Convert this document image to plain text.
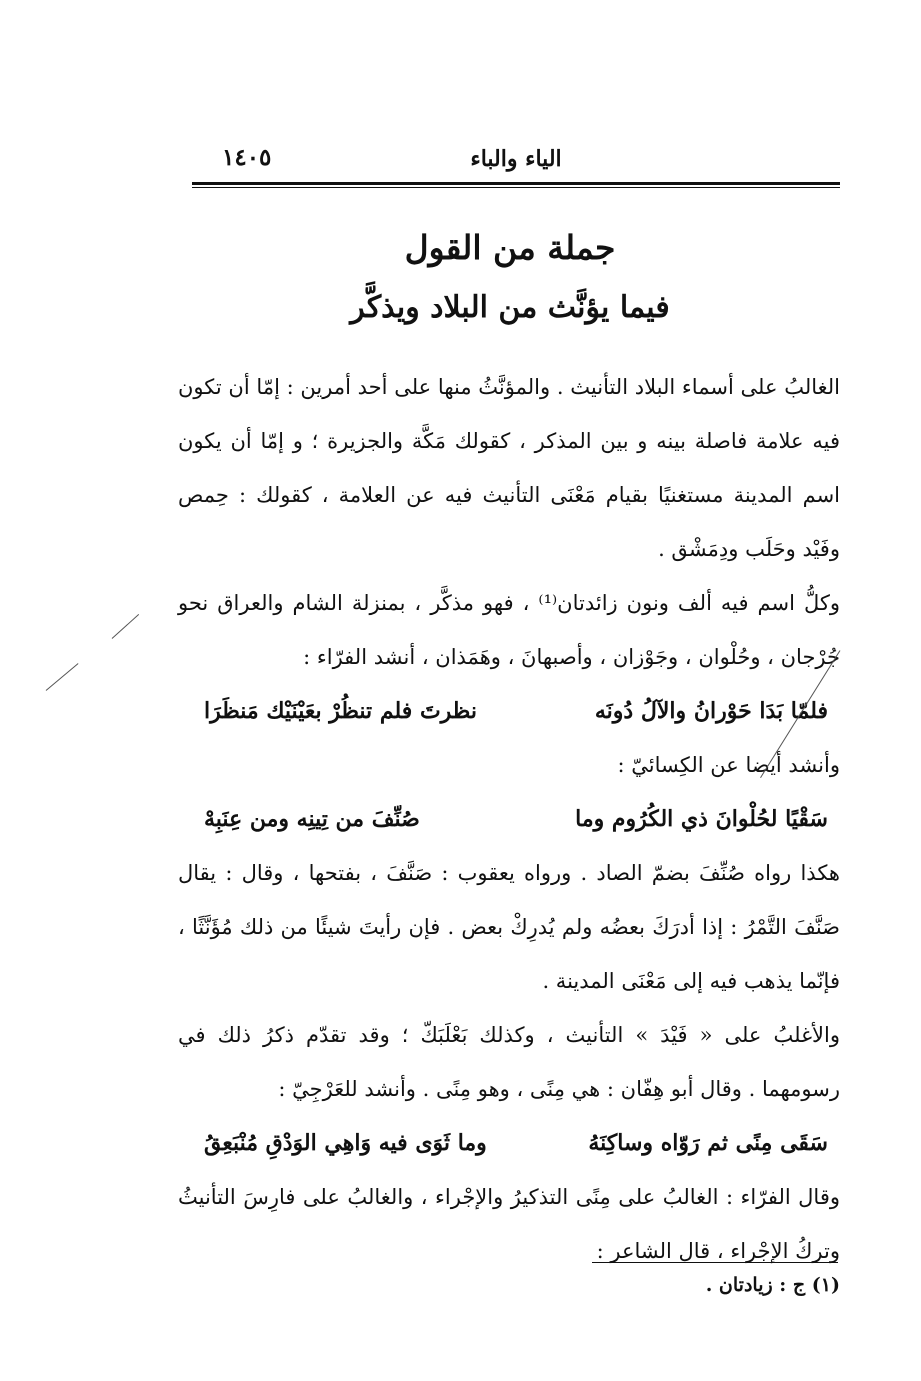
الياء والباء
١٤٠٥
جملة من القول
فيما يؤنَّث من البلاد ويذكَّر

الغالبُ على أسماء البلاد التأنيث . والمؤنَّثُ منها على أحد أمرين : إمّا أن تكون فيه علامة فاصلة بينه و بين المذكر ، كقولك مَكَّة والجزيرة ؛ و إمّا أن يكون اسم المدينة مستغنيًا بقيام مَعْنَى التأنيث فيه عن العلامة ، كقولك : حِمص وفَيْد وحَلَب ودِمَشْق .

وكلُّ اسم فيه ألف ونون زائدتان⁽¹⁾ ، فهو مذكَّر ، بمنزلة الشام والعراق نحو جُرْجان ، وحُلْوان ، وجَوْزان ، وأصبهانَ ، وهَمَذان ، أنشد الفرّاء :

فلمّا بَدَا حَوْرانُ والآلُ دُونَه
نظرتَ فلم تنظُرْ بعَيْنَيْك مَنظَرَا

وأنشد أيضا عن الكِسائيّ :

سَقْيًا لحُلْوانَ ذي الكُرُوم وما
صُنِّفَ من تِينِه ومن عِنَبِهْ

هكذا رواه صُنِّفَ بضمّ الصاد . ورواه يعقوب : صَنَّفَ ، بفتحها ، وقال : يقال صَنَّفَ التَّمْرُ : إذا أدرَكَ بعضُه ولم يُدرِكْ بعض . فإن رأيتَ شيئًا من ذلك مُؤَنَّثًا ، فإنّما يذهب فيه إلى مَعْنَى المدينة .

والأغلبُ على « فَيْدَ » التأنيث ، وكذلك بَعْلَبَكّ ؛ وقد تقدّم ذكرُ ذلك في رسومهما . وقال أبو هِفّان : هي مِنًى ، وهو مِنًى . وأنشد للعَرْجِيّ :

سَقَى مِنًى ثم رَوّاه وساكِنَهُ
وما ثَوَى فيه وَاهِي الوَدْقِ مُنْبَعِقُ

وقال الفرّاء : الغالبُ على مِنًى التذكيرُ والإجْراء ، والغالبُ على فارِسَ التأنيثُ وتركُ الإجْراء ، قال الشاعر :

(١) ج : زيادتان .
